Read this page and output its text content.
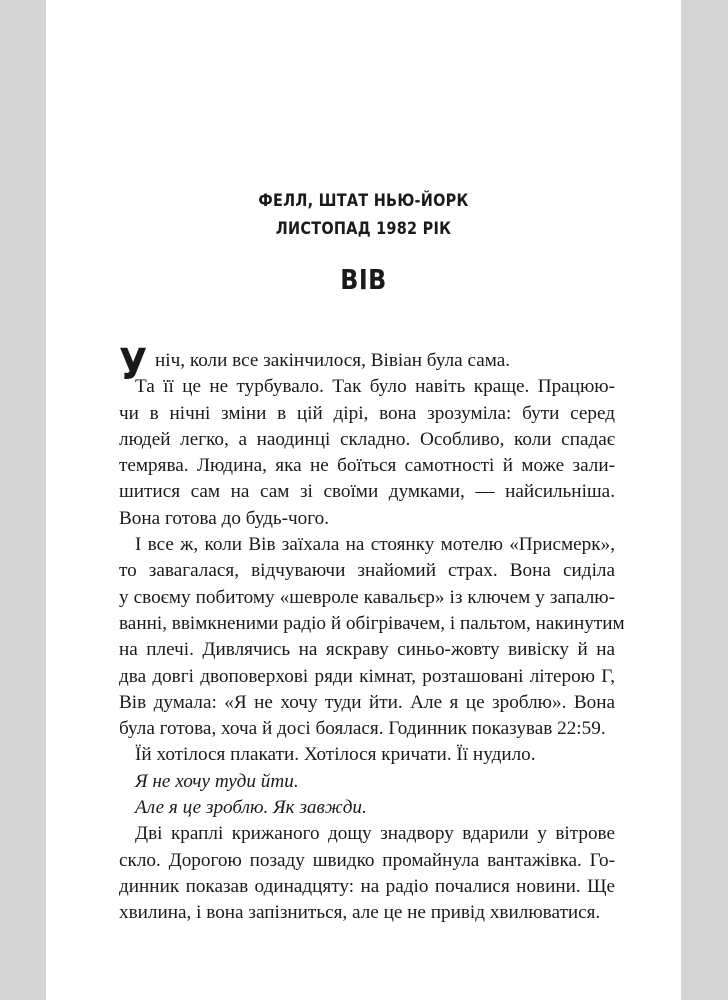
ФЕЛЛ, ШТАТ НЬЮ-ЙОРК
ЛИСТОПАД 1982 РІК
ВІВ
У ніч, коли все закінчилося, Вівіан була сама.
Та її це не турбувало. Так було навіть краще. Працюю-
чи в нічні зміни в цій дірі, вона зрозуміла: бути серед
людей легко, а наодинці складно. Особливо, коли спадає
темрява. Людина, яка не боїться самотності й може зали-
шитися сам на сам зі своїми думками, — найсильніша.
Вона готова до будь-чого.
І все ж, коли Вів заїхала на стоянку мотелю «Присмерк»,
то завагалася, відчуваючи знайомий страх. Вона сиділа
у своєму побитому «шевроле кавальєр» із ключем у запалю-
ванні, ввімкненими радіо й обігрівачем, і пальтом, накинутим
на плечі. Дивлячись на яскраву синьо-жовту вивіску й на
два довгі двоповерхові ряди кімнат, розташовані літерою Г,
Вів думала: «Я не хочу туди йти. Але я це зроблю». Вона
була готова, хоча й досі боялася. Годинник показував 22:59.
Їй хотілося плакати. Хотілося кричати. Її нудило.
Я не хочу туди йти.
Але я це зроблю. Як завжди.
Дві краплі крижаного дощу знадвору вдарили у вітрове
скло. Дорогою позаду швидко промайнула вантажівка. Го-
динник показав одинадцяту: на радіо почалися новини. Ще
хвилина, і вона запізниться, але це не привід хвилюватися.
